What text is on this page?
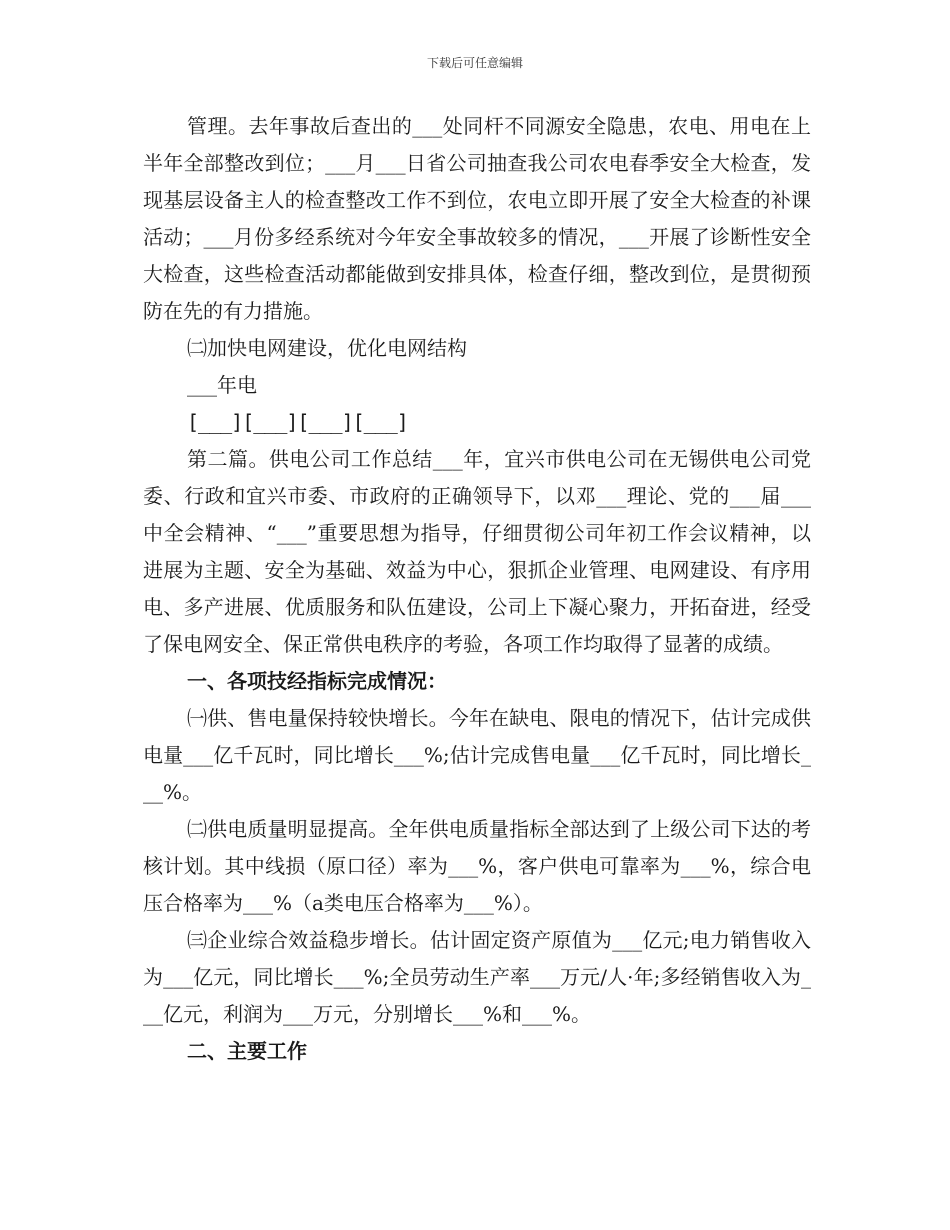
下载后可任意编辑

管理。去年事故后查出的___处同杆不同源安全隐患，农电、用电在上半年全部整改到位；___月___日省公司抽查我公司农电春季安全大检查，发现基层设备主人的检查整改工作不到位，农电立即开展了安全大检查的补课活动；___月份多经系统对今年安全事故较多的情况，___开展了诊断性安全大检查，这些检查活动都能做到安排具体，检查仔细，整改到位，是贯彻预防在先的有力措施。

㈡加快电网建设，优化电网结构

___年电

[___][___][___][___]

第二篇。供电公司工作总结___年，宜兴市供电公司在无锡供电公司党委、行政和宜兴市委、市政府的正确领导下，以邓___理论、党的___届___中全会精神、“___”重要思想为指导，仔细贯彻公司年初工作会议精神，以进展为主题、安全为基础、效益为中心，狠抓企业管理、电网建设、有序用电、多产进展、优质服务和队伍建设，公司上下凝心聚力，开拓奋进，经受了保电网安全、保正常供电秩序的考验，各项工作均取得了显著的成绩。

一、各项技经指标完成情况：

㈠供、售电量保持较快增长。今年在缺电、限电的情况下，估计完成供电量___亿千瓦时，同比增长___%;估计完成售电量___亿千瓦时，同比增长___%。

㈡供电质量明显提高。全年供电质量指标全部达到了上级公司下达的考核计划。其中线损（原口径）率为___%，客户供电可靠率为___%，综合电压合格率为___%（a类电压合格率为___%）。

㈢企业综合效益稳步增长。估计固定资产原值为___亿元;电力销售收入为___亿元，同比增长___%;全员劳动生产率___万元/人·年;多经销售收入为___亿元，利润为___万元，分别增长___%和___%。

二、主要工作
